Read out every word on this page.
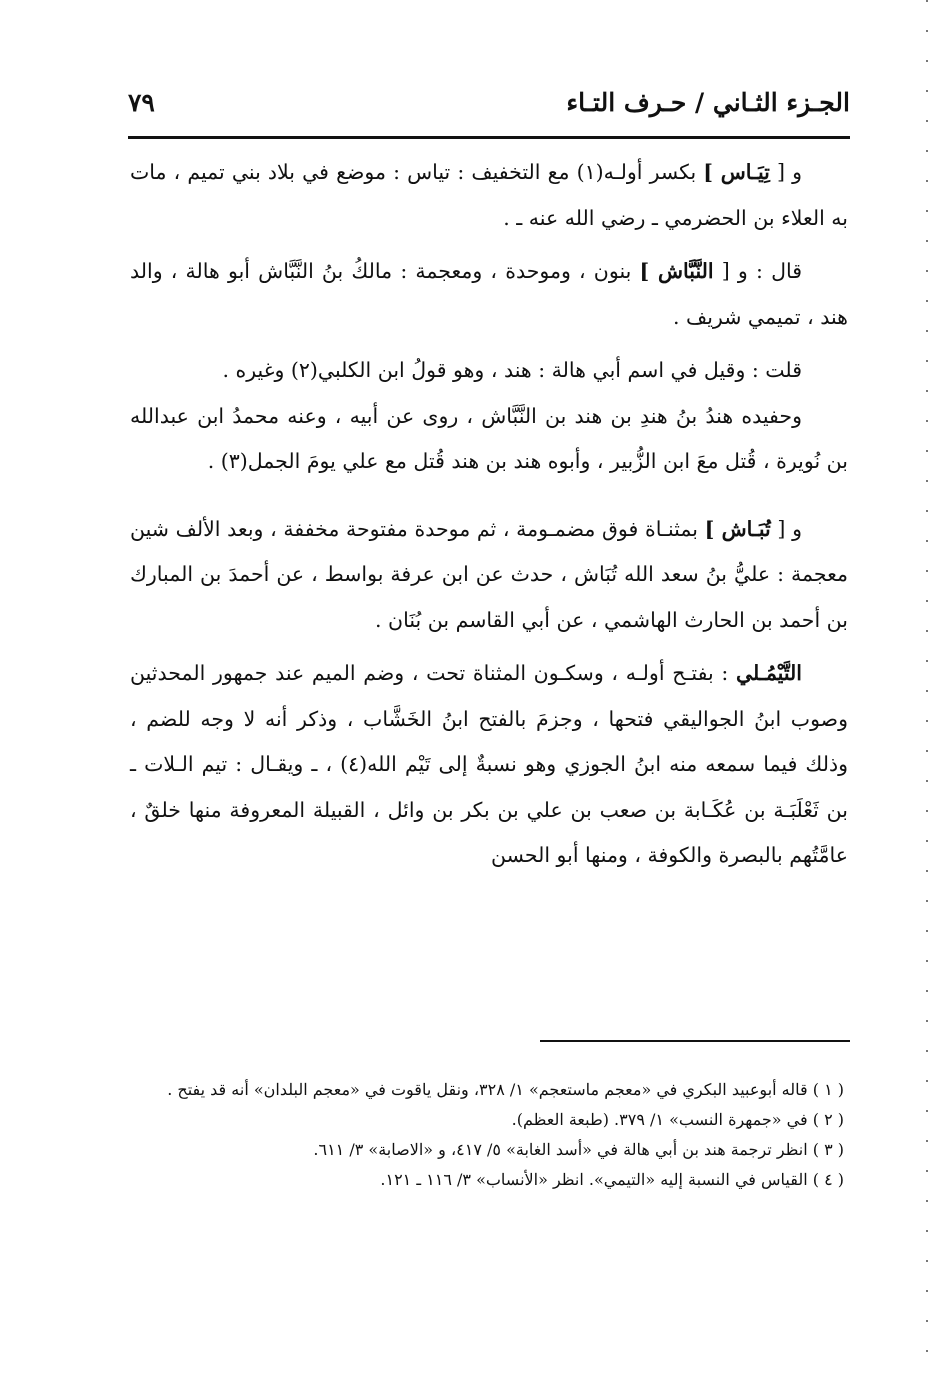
الجـزء الثـاني / حـرف التـاء
٧٩

و [ تِيَـاس ] بكسر أولـه(١) مع التخفيف : تياس : موضع في بلاد بني تميم ، مات به العلاء بن الحضرمي ـ رضي الله عنه ـ .

قال : و [ النَّبَّاش ] بنون ، وموحدة ، ومعجمة : مالكُ بنُ النَّبَّاش أبو هالة ، والد هند ، تميمي شريف .

قلت : وقيل في اسم أبي هالة : هند ، وهو قولُ ابن الكلبي(٢) وغيره .

وحفيده هندُ بنُ هندِ بن هند بن النَّبَّاش ، روى عن أبيه ، وعنه محمدُ ابن عبدالله بن نُويرة ، قُتل معَ ابن الزُّبير ، وأبوه هند بن هند قُتل مع علي يومَ الجمل(٣) .

و [ تُبَـاش ] بمثنـاة فوق مضمـومة ، ثم موحدة مفتوحة مخففة ، وبعد الألف شين معجمة : عليُّ بنُ سعد الله تُبَاش ، حدث عن ابن عرفة بواسط ، عن أحمدَ بن المبارك بن أحمد بن الحارث الهاشمي ، عن أبي القاسم بن بُنَان .

التَّيْمُـلي : بفتـح أولـه ، وسكـون المثناة تحت ، وضم الميم عند جمهور المحدثين وصوب ابنُ الجواليقي فتحها ، وجزمَ بالفتح ابنُ الخَشَّاب ، وذكر أنه لا وجه للضم ، وذلك فيما سمعه منه ابنُ الجوزي وهو نسبةٌ إلى تَيْم الله(٤) ، ـ ويقـال : تيم الـلات ـ بن ثَعْلَبَـة بن عُكَـابة بن صعب بن علي بن بكر بن وائل ، القبيلة المعروفة منها خلقٌ ، عامَّتُهم بالبصرة والكوفة ، ومنها أبو الحسن

( ١ ) قاله أبوعبيد البكري في «معجم ماستعجم» ١/ ٣٢٨، ونقل ياقوت في «معجم البلدان» أنه قد يفتح .

( ٢ ) في «جمهرة النسب» ١/ ٣٧٩. (طبعة العظم).

( ٣ ) انظر ترجمة هند بن أبي هالة في «أسد الغابة» ٥/ ٤١٧، و «الاصابة» ٣/ ٦١١.

( ٤ ) القياس في النسبة إليه «التيمي». انظر «الأنساب» ٣/ ١١٦ ـ ١٢١.
